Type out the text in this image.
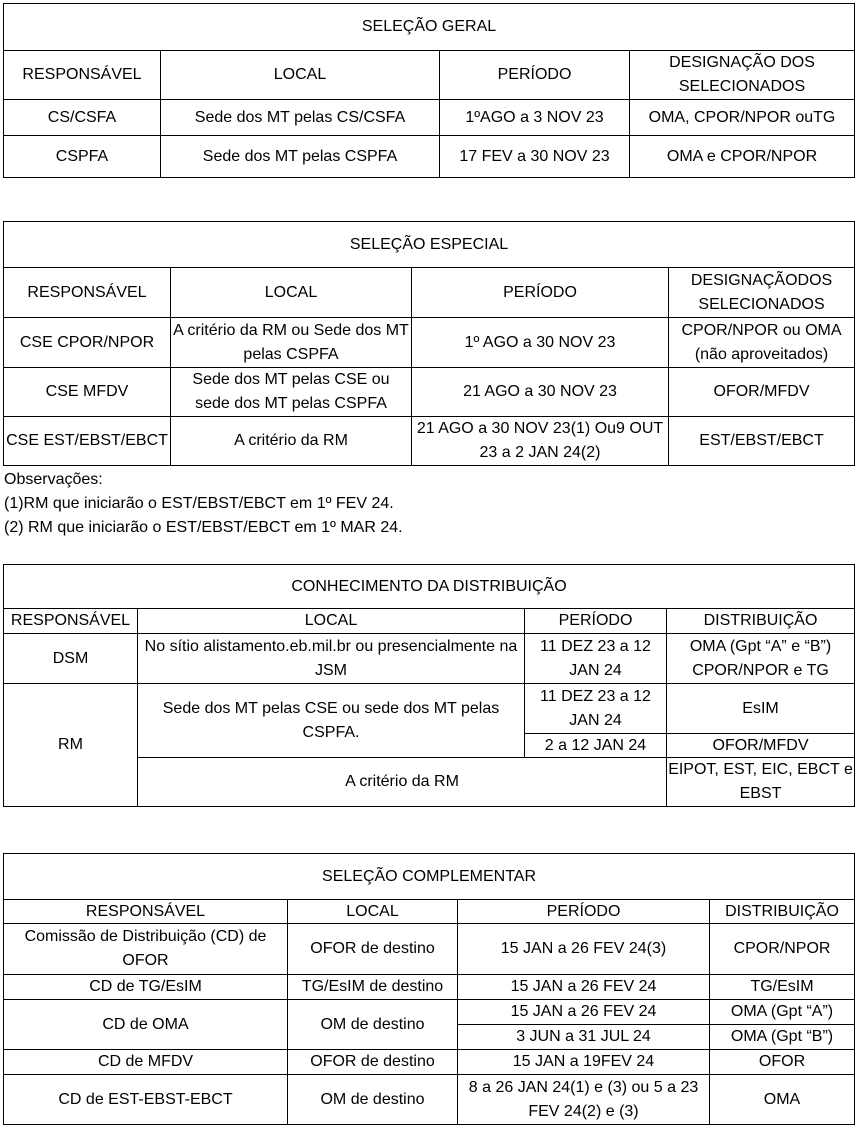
SELEÇÃO GERAL			
RESPONSÁVEL	LOCAL	PERÍODO	DESIGNAÇÃO DOS SELECIONADOS
CS/CSFA	Sede dos MT pelas CS/CSFA	1ºAGO a 3 NOV 23	OMA, CPOR/NPOR ouTG
CSPFA	Sede dos MT pelas CSPFA	17 FEV a 30 NOV 23	OMA e CPOR/NPOR
SELEÇÃO ESPECIAL			
RESPONSÁVEL	LOCAL	PERÍODO	DESIGNAÇÃODOS SELECIONADOS
CSE CPOR/NPOR	A critério da RM ou Sede dos MT pelas CSPFA	1º AGO a 30 NOV 23	CPOR/NPOR ou OMA (não aproveitados)
CSE MFDV	Sede dos MT pelas CSE ou sede dos MT pelas CSPFA	21 AGO a 30 NOV 23	OFOR/MFDV
CSE EST/EBST/EBCT	A critério da RM	21 AGO a 30 NOV 23(1) Ou9 OUT 23 a 2 JAN 24(2)	EST/EBST/EBCT
Observações:
(1)RM que iniciarão o EST/EBST/EBCT em 1º FEV 24.
(2) RM que iniciarão o EST/EBST/EBCT em 1º MAR 24.
CONHECIMENTO DA DISTRIBUIÇÃO			
RESPONSÁVEL	LOCAL	PERÍODO	DISTRIBUIÇÃO
DSM	No sítio alistamento.eb.mil.br ou presencialmente na JSM	11 DEZ 23 a 12 JAN 24	OMA (Gpt “A” e “B”) CPOR/NPOR e TG
RM	Sede dos MT pelas CSE ou sede dos MT pelas CSPFA.	11 DEZ 23 a 12 JAN 24	EsIM
		2 a 12 JAN 24	OFOR/MFDV
	A critério da RM		EIPOT, EST, EIC, EBCT e EBST
SELEÇÃO COMPLEMENTAR			
RESPONSÁVEL	LOCAL	PERÍODO	DISTRIBUIÇÃO
Comissão de Distribuição (CD) de OFOR	OFOR de destino	15 JAN a 26 FEV 24(3)	CPOR/NPOR
CD de TG/EsIM	TG/EsIM de destino	15 JAN a 26 FEV 24	TG/EsIM
CD de OMA	OM de destino	15 JAN a 26 FEV 24	OMA (Gpt “A”)
		3 JUN a 31 JUL 24	OMA (Gpt “B”)
CD de MFDV	OFOR de destino	15 JAN a 19FEV 24	OFOR
CD de EST-EBST-EBCT	OM de destino	8 a 26 JAN 24(1) e (3) ou 5 a 23 FEV 24(2) e (3)	OMA
